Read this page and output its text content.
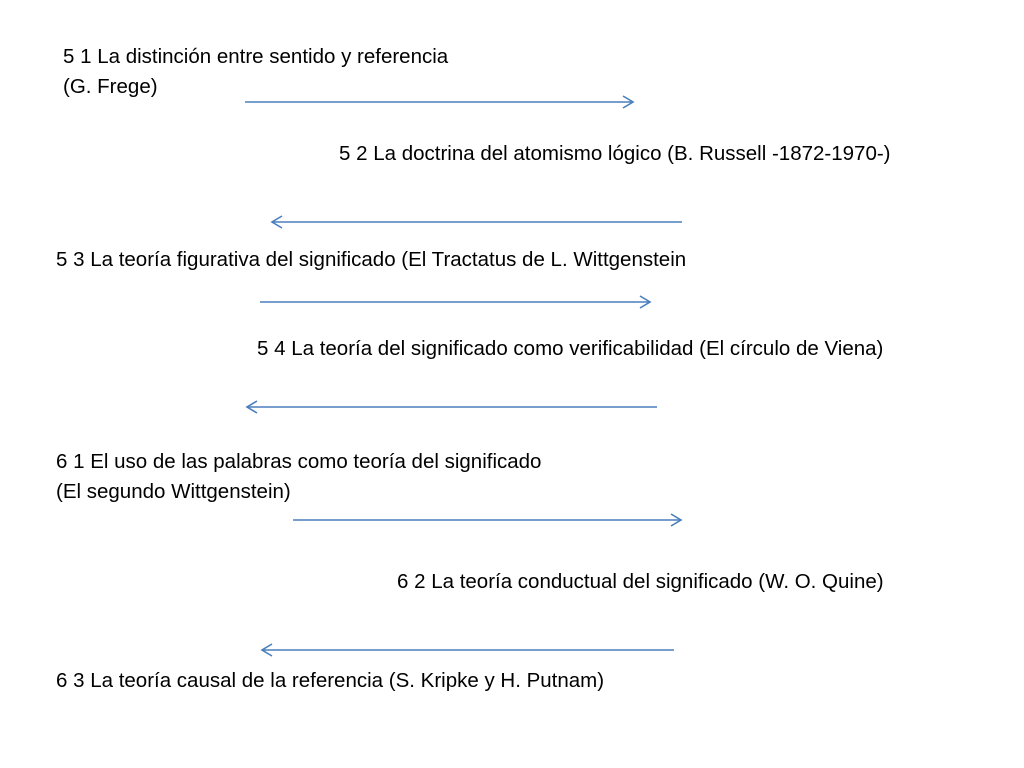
5 1 La distinción entre sentido y referencia
(G. Frege)
5 2 La doctrina del atomismo lógico (B. Russell -1872-1970-)
5 3 La teoría figurativa del significado (El Tractatus de L. Wittgenstein
5 4 La teoría del significado como verificabilidad (El círculo de Viena)
6 1 El uso de las palabras como teoría del significado
(El segundo Wittgenstein)
6 2 La teoría conductual del significado (W. O. Quine)
6 3 La teoría causal de la referencia (S. Kripke y H. Putnam)
